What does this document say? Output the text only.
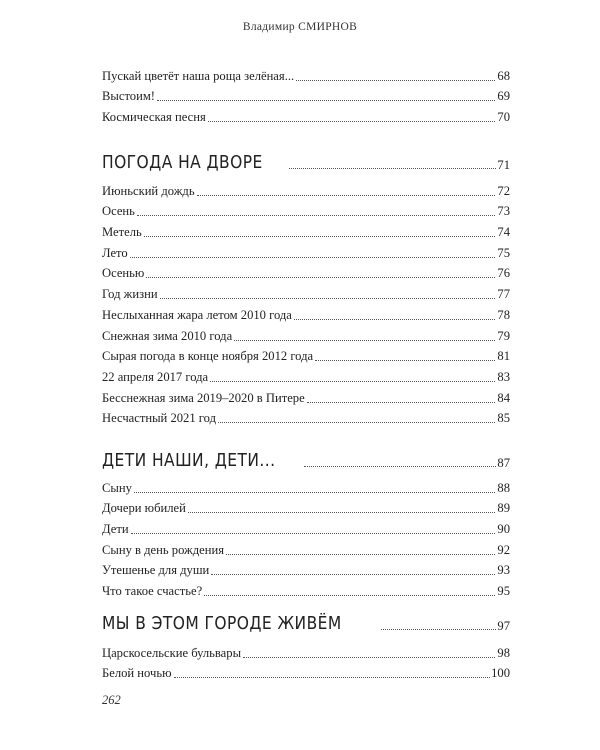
Владимир СМИРНОВ
Пускай цветёт наша роща зелёная...	68
Выстоим!	69
Космическая песня	70
ПОГОДА НА ДВОРЕ	71
Июньский дождь	72
Осень	73
Метель	74
Лето	75
Осенью	76
Год жизни	77
Неслыханная жара летом 2010 года	78
Снежная зима 2010 года	79
Сырая погода в конце ноября 2012 года	81
22 апреля 2017 года	83
Бесснежная зима 2019–2020 в Питере	84
Несчастный 2021 год	85
ДЕТИ НАШИ, ДЕТИ...	87
Сыну	88
Дочери юбилей	89
Дети	90
Сыну в день рождения	92
Утешенье для души	93
Что такое счастье?	95
МЫ В ЭТОМ ГОРОДЕ ЖИВЁМ	97
Царскосельские бульвары	98
Белой ночью	100
262
